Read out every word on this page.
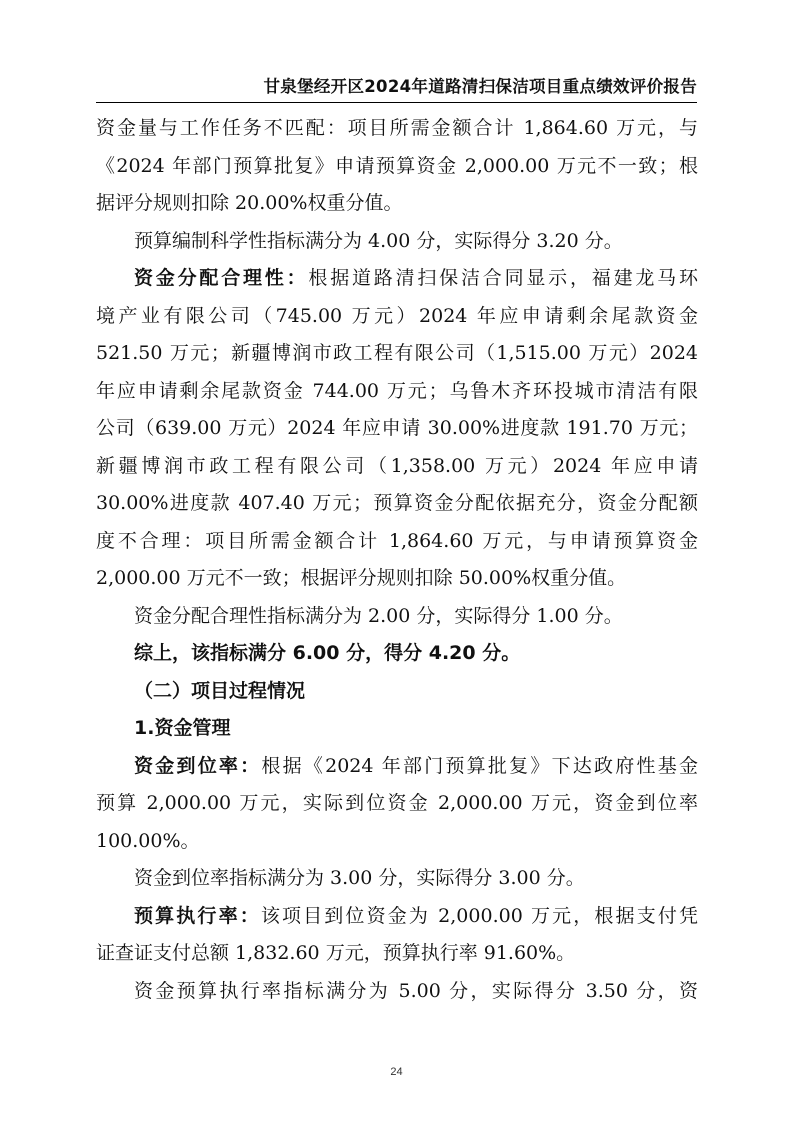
甘泉堡经开区2024年道路清扫保洁项目重点绩效评价报告
资金量与工作任务不匹配：项目所需金额合计 1,864.60 万元，与
《2024 年部门预算批复》申请预算资金 2,000.00 万元不一致；根
据评分规则扣除 20.00%权重分值。
预算编制科学性指标满分为 4.00 分，实际得分 3.20 分。
资金分配合理性：根据道路清扫保洁合同显示，福建龙马环
境产业有限公司（745.00 万元）2024 年应申请剩余尾款资金
521.50 万元；新疆博润市政工程有限公司（1,515.00 万元）2024
年应申请剩余尾款资金 744.00 万元；乌鲁木齐环投城市清洁有限
公司（639.00 万元）2024 年应申请 30.00%进度款 191.70 万元；
新疆博润市政工程有限公司（1,358.00 万元）2024 年应申请
30.00%进度款 407.40 万元；预算资金分配依据充分，资金分配额
度不合理：项目所需金额合计 1,864.60 万元，与申请预算资金
2,000.00 万元不一致；根据评分规则扣除 50.00%权重分值。
资金分配合理性指标满分为 2.00 分，实际得分 1.00 分。
综上，该指标满分 6.00 分，得分 4.20 分。
（二）项目过程情况
1.资金管理
资金到位率：根据《2024 年部门预算批复》下达政府性基金
预算 2,000.00 万元，实际到位资金 2,000.00 万元，资金到位率
100.00%。
资金到位率指标满分为 3.00 分，实际得分 3.00 分。
预算执行率：该项目到位资金为 2,000.00 万元，根据支付凭
证查证支付总额 1,832.60 万元，预算执行率 91.60%。
资金预算执行率指标满分为 5.00 分，实际得分 3.50 分，资
24
